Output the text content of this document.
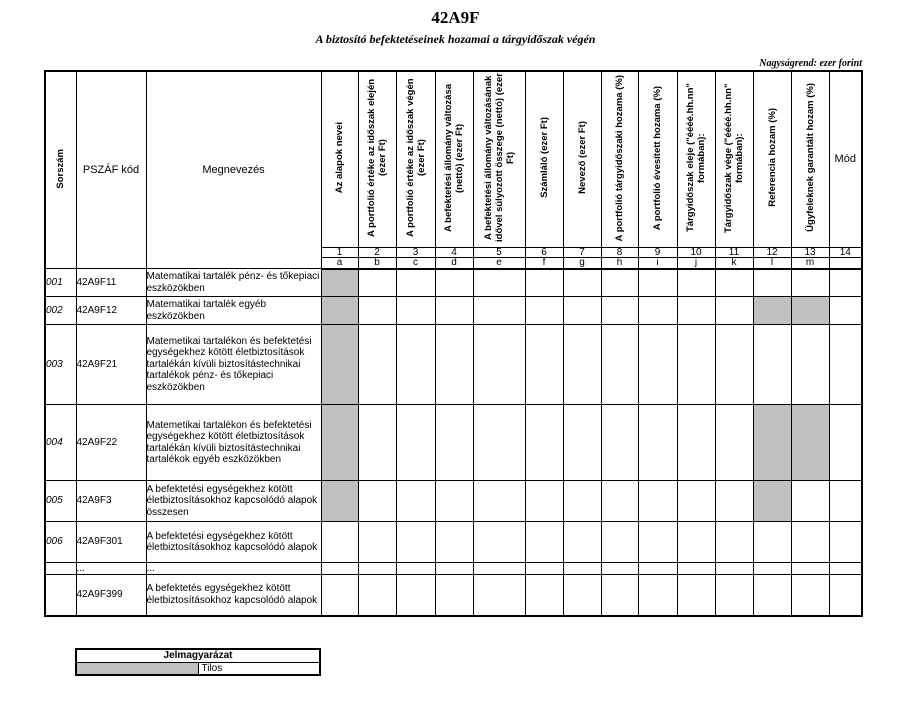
42A9F
A biztosító befektetéseinek hozamai a tárgyidőszak végén
Nagyságrend: ezer forint
Sorszám	PSZÁF kód	Megnevezés	Az alapok nevei	A portfolió értéke az időszak elején (ezer Ft)	A portfolió értéke az időszak végén (ezer Ft)	A befektetési állomány változása (nettó) (ezer Ft)	A befektetési állomány változásának idővel súlyozott összege (nettó) (ezer Ft)	Számláló (ezer Ft)	Nevező (ezer Ft)	A portfolió tárgyidőszaki hozama (%)	A portfolió évesített hozama (%)	Tárgyidőszak eleje ("éééé.hh.nn" formában):	Tárgyidőszak vége ("éééé.hh.nn" formában):	Referencia hozam (%)	Ügyfeleknek garantált hozam (%)	Mód
			1	2	3	4	5	6	7	8	9	10	11	12	13	14
			a	b	c	d	e	f	g	h	i	j	k	l	m	
001	42A9F11	Matematikai tartalék pénz- és tőkepiaci eszközökben														
002	42A9F12	Matematikai tartalék egyéb eszközökben														
003	42A9F21	Matemetikai tartalékon és befektetési egységekhez kötött életbiztosítások tartalékán kívüli biztosítástechnikai tartalékok pénz- és tőkepiaci eszközökben														
004	42A9F22	Matemetikai tartalékon és befektetési egységekhez kötött életbiztosítások tartalékán kívüli biztosítástechnikai tartalékok egyéb eszközökben														
005	42A9F3	A befektetési egységekhez kötött életbiztosításokhoz kapcsolódó alapok összesen														
006	42A9F301	A befektetési egységekhez kötött életbiztosításokhoz kapcsolódó alapok														
	...	...														
	42A9F399	A befektetés egységekhez kötött életbiztosításokhoz kapcsolódó alapok														
Jelmagyarázat
	Tilos
